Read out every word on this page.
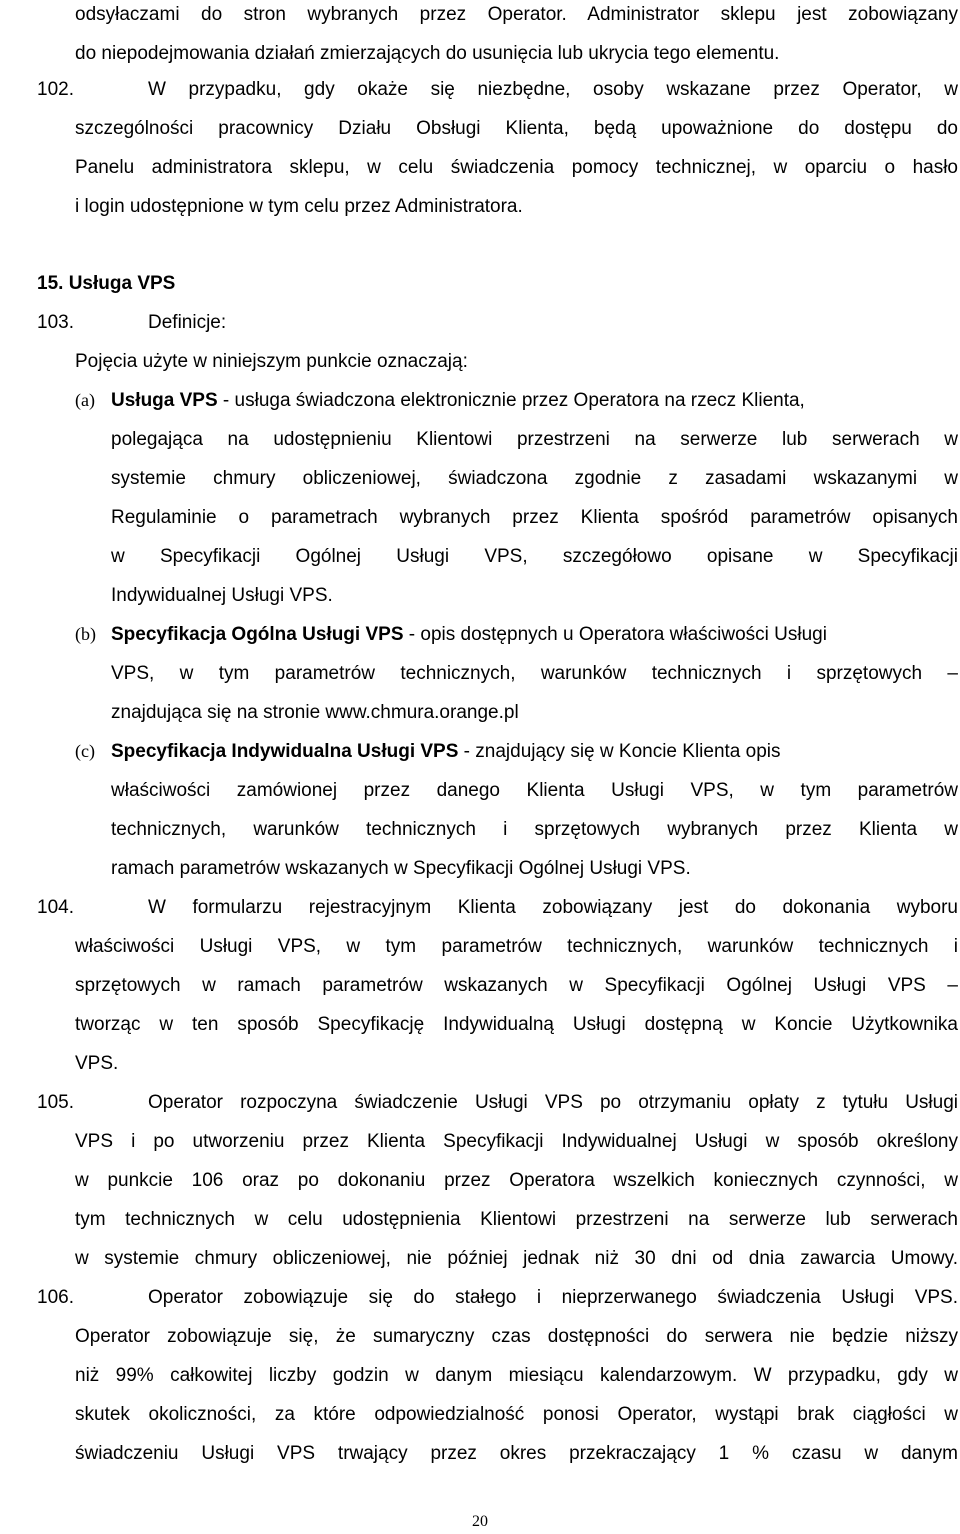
odsyłaczami do stron wybranych przez Operator. Administrator sklepu jest zobowiązany
do niepodejmowania działań zmierzających do usunięcia lub ukrycia tego elementu.
102.	W przypadku, gdy okaże się niezbędne, osoby wskazane przez Operator, w
szczególności pracownicy Działu Obsługi Klienta, będą upoważnione do dostępu do
Panelu administratora sklepu, w celu świadczenia pomocy technicznej, w oparciu o hasło
i login udostępnione w tym celu przez Administratora.
15. Usługa VPS
103.	Definicje:
Pojęcia użyte w niniejszym punkcie oznaczają:
(a) Usługa VPS - usługa świadczona elektronicznie przez Operatora na rzecz Klienta,
polegająca na udostępnieniu Klientowi przestrzeni na serwerze lub serwerach w
systemie chmury obliczeniowej, świadczona zgodnie z zasadami wskazanymi w
Regulaminie o parametrach wybranych przez Klienta spośród parametrów opisanych
w Specyfikacji Ogólnej Usługi VPS, szczegółowo opisane w Specyfikacji
Indywidualnej Usługi VPS.
(b) Specyfikacja Ogólna Usługi VPS - opis dostępnych u Operatora właściwości Usługi
VPS, w tym parametrów technicznych, warunków technicznych i sprzętowych –
znajdująca się na stronie www.chmura.orange.pl
(c) Specyfikacja Indywidualna Usługi VPS - znajdujący się w Koncie Klienta opis
właściwości zamówionej przez danego Klienta Usługi VPS, w tym parametrów
technicznych, warunków technicznych i sprzętowych wybranych przez Klienta w
ramach parametrów wskazanych w Specyfikacji Ogólnej Usługi VPS.
104.	W formularzu rejestracyjnym Klienta zobowiązany jest do dokonania wyboru
właściwości Usługi VPS, w tym parametrów technicznych, warunków technicznych i
sprzętowych w ramach parametrów wskazanych w Specyfikacji Ogólnej Usługi VPS –
tworząc w ten sposób Specyfikację Indywidualną Usługi dostępną w Koncie Użytkownika
VPS.
105.	Operator rozpoczyna świadczenie Usługi VPS po otrzymaniu opłaty z tytułu Usługi
VPS i po utworzeniu przez Klienta Specyfikacji Indywidualnej Usługi w sposób określony
w punkcie 106 oraz po dokonaniu przez Operatora wszelkich koniecznych czynności, w
tym technicznych w celu udostępnienia Klientowi przestrzeni na serwerze lub serwerach
w systemie chmury obliczeniowej, nie później jednak niż 30 dni od dnia zawarcia Umowy.
106.	Operator zobowiązuje się do stałego i nieprzerwanego świadczenia Usługi VPS.
Operator zobowiązuje się, że sumaryczny czas dostępności do serwera nie będzie niższy
niż 99% całkowitej liczby godzin w danym miesiącu kalendarzowym. W przypadku, gdy w
skutek okoliczności, za które odpowiedzialność ponosi Operator, wystąpi brak ciągłości w
świadczeniu Usługi VPS trwający przez okres przekraczający 1 % czasu w danym
20
